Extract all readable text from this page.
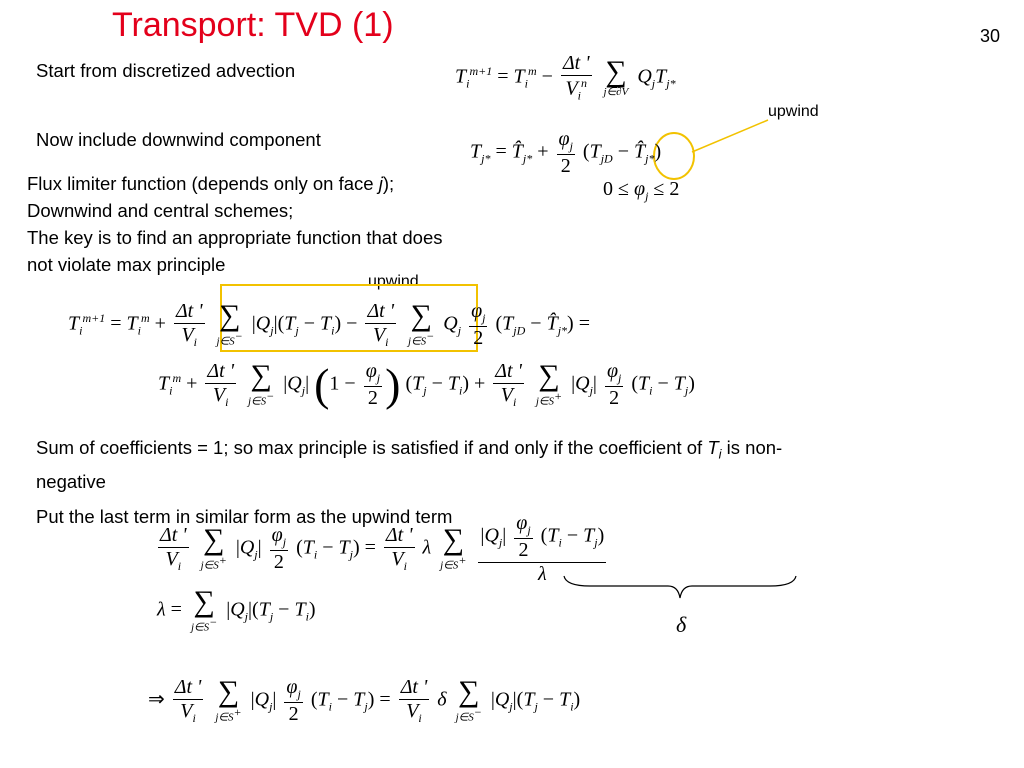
Transport: TVD (1)	30
Start from discretized advection
Now include downwind component
Flux limiter function (depends only on face j);
Downwind and central schemes;
The key is to find an appropriate function that does
not violate max principle
$T_i^{m+1} = T_i^m - \frac{\Delta t '}{V_i^n}$
∑
j∈∂V
$Q_jT_{j*}$
upwind
$T_{j*}$ = $T̂_{j*} + \frac{\varphi_j}{2} (T_{jD}$ − $T̂_{j*}$)
$0 \le \varphi_j \le 2$
upwind
$T_i^{m+1} = T_i^m + \frac{\Delta t '}{V_i}$
∑
j∈S−
$|Q_j|(T_j - T_i) - \frac{\Delta t '}{V_i}$
∑
j∈S−
$Q_j \frac{\varphi_j}{2} (T_{jD}$ − $T̂_{j*}$) =
$T_i^m + \frac{\Delta t '}{V_i}$
∑
j∈S−
$|Q_j|$ ($1 - \frac{\varphi_j}{2}$ ) $(T_j - T_i) + \frac{\Delta t '}{V_i}$
∑
j∈S+
$|Q_j| \frac{\varphi_j}{2} (T_i - T_j)$
Sum of coefficients = 1; so max principle is satisfied if and only if the coefficient of $T_i$ is non-
negative
Put the last term in similar form as the upwind term
$\frac{\Delta t '}{V_i}$
∑
j∈S+
$|Q_j| \frac{\varphi_j}{2} (T_i - T_j) = \frac{\Delta t '}{V_i}$ λ ∑
j∈S+
$\frac{|Q_j| \frac{\varphi_j}{2} (T_i - T_j)}{\lambda}$
δ
λ = ∑
j∈S−
$|Q_j|(T_j - T_i)$
⇒ $\frac{\Delta t '}{V_i}$
∑
j∈S+
$|Q_j| \frac{\varphi_j}{2} (T_i - T_j) = \frac{\Delta t '}{V_i}$ δ ∑
j∈S−
$|Q_j|(T_j - T_i)$
